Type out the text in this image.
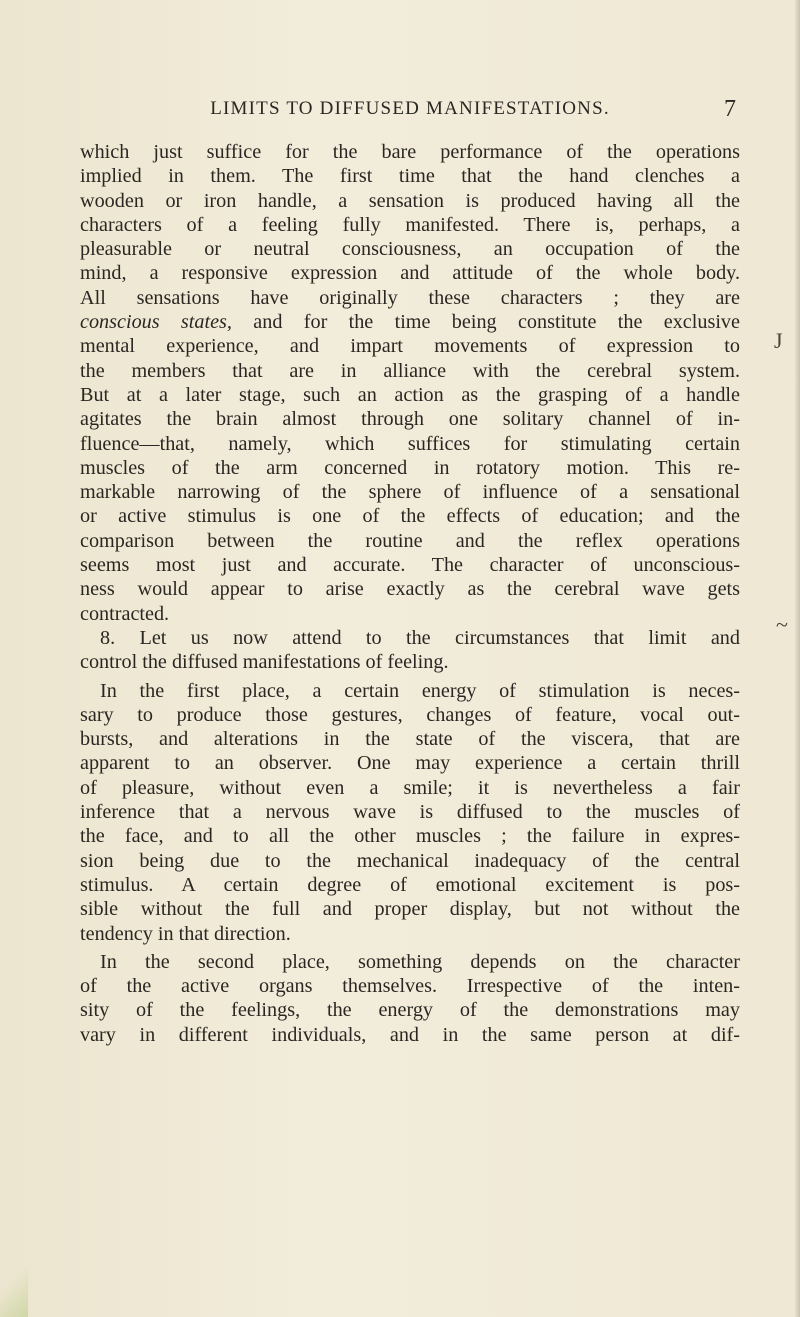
LIMITS TO DIFFUSED MANIFESTATIONS.	7
which just suffice for the bare performance of the operations
implied in them. The first time that the hand clenches a
wooden or iron handle, a sensation is produced having all the
characters of a feeling fully manifested. There is, perhaps, a
pleasurable or neutral consciousness, an occupation of the
mind, a responsive expression and attitude of the whole body.
All sensations have originally these characters ; they are
conscious states, and for the time being constitute the exclusive
mental experience, and impart movements of expression to
the members that are in alliance with the cerebral system.
But at a later stage, such an action as the grasping of a handle
agitates the brain almost through one solitary channel of in-
fluence—that, namely, which suffices for stimulating certain
muscles of the arm concerned in rotatory motion. This re-
markable narrowing of the sphere of influence of a sensational
or active stimulus is one of the effects of education; and the
comparison between the routine and the reflex operations
seems most just and accurate. The character of unconscious-
ness would appear to arise exactly as the cerebral wave gets
contracted.
8. Let us now attend to the circumstances that limit and
control the diffused manifestations of feeling.
In the first place, a certain energy of stimulation is neces-
sary to produce those gestures, changes of feature, vocal out-
bursts, and alterations in the state of the viscera, that are
apparent to an observer. One may experience a certain thrill
of pleasure, without even a smile; it is nevertheless a fair
inference that a nervous wave is diffused to the muscles of
the face, and to all the other muscles ; the failure in expres-
sion being due to the mechanical inadequacy of the central
stimulus. A certain degree of emotional excitement is pos-
sible without the full and proper display, but not without the
tendency in that direction.
In the second place, something depends on the character
of the active organs themselves. Irrespective of the inten-
sity of the feelings, the energy of the demonstrations may
vary in different individuals, and in the same person at dif-
J
~
